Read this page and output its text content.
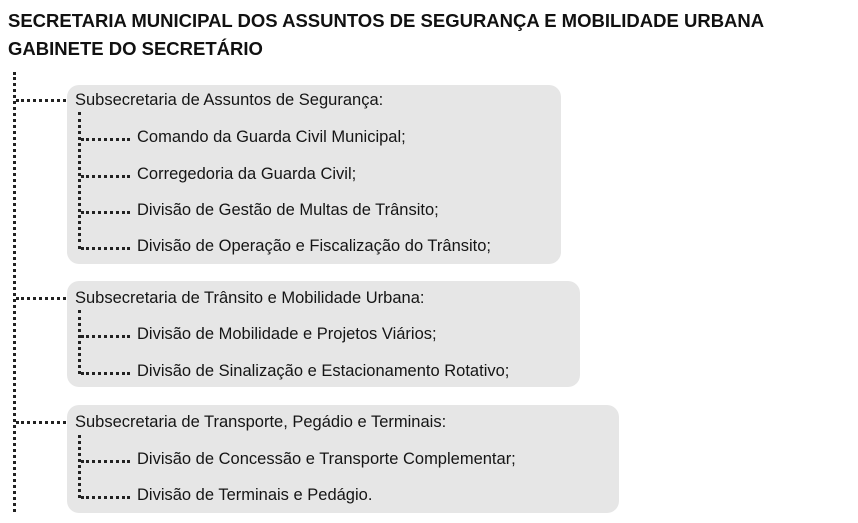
SECRETARIA MUNICIPAL DOS ASSUNTOS DE SEGURANÇA E MOBILIDADE URBANA
GABINETE DO SECRETÁRIO
Subsecretaria de Assuntos de Segurança:
Comando da Guarda Civil Municipal;
Corregedoria da Guarda Civil;
Divisão de Gestão de Multas de Trânsito;
Divisão de Operação e Fiscalização do Trânsito;
Subsecretaria de Trânsito e Mobilidade Urbana:
Divisão de Mobilidade e Projetos Viários;
Divisão de Sinalização e Estacionamento Rotativo;
Subsecretaria de Transporte, Pegádio e Terminais:
Divisão de Concessão e Transporte Complementar;
Divisão de Terminais e Pedágio.
